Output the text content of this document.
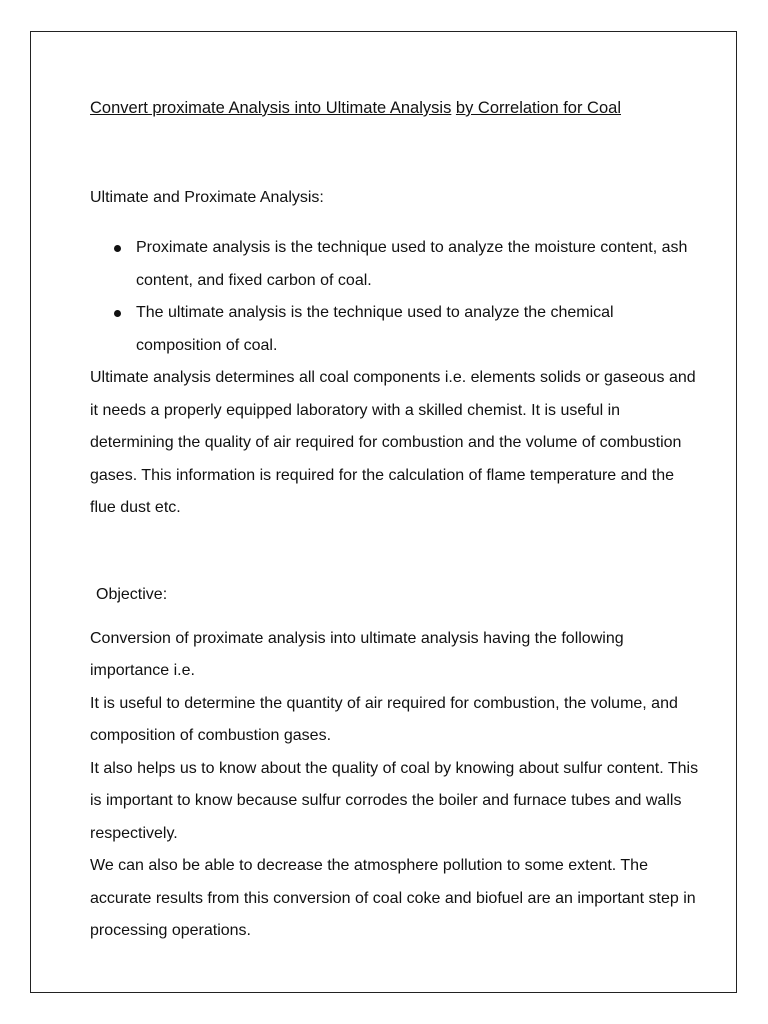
Convert proximate Analysis into Ultimate Analysis by Correlation for Coal
Ultimate and Proximate Analysis:
Proximate analysis is the technique used to analyze the moisture content, ash content, and fixed carbon of coal.
The ultimate analysis is the technique used to analyze the chemical composition of coal.

Ultimate analysis determines all coal components i.e. elements solids or gaseous and it needs a properly equipped laboratory with a skilled chemist. It is useful in determining the quality of air required for combustion and the volume of combustion gases. This information is required for the calculation of flame temperature and the flue dust etc.

Objective:

Conversion of proximate analysis into ultimate analysis having the following importance i.e.

It is useful to determine the quantity of air required for combustion, the volume, and composition of combustion gases.

It also helps us to know about the quality of coal by knowing about sulfur content. This is important to know because sulfur corrodes the boiler and furnace tubes and walls respectively.

We can also be able to decrease the atmosphere pollution to some extent. The accurate results from this conversion of coal coke and biofuel are an important step in processing operations.
